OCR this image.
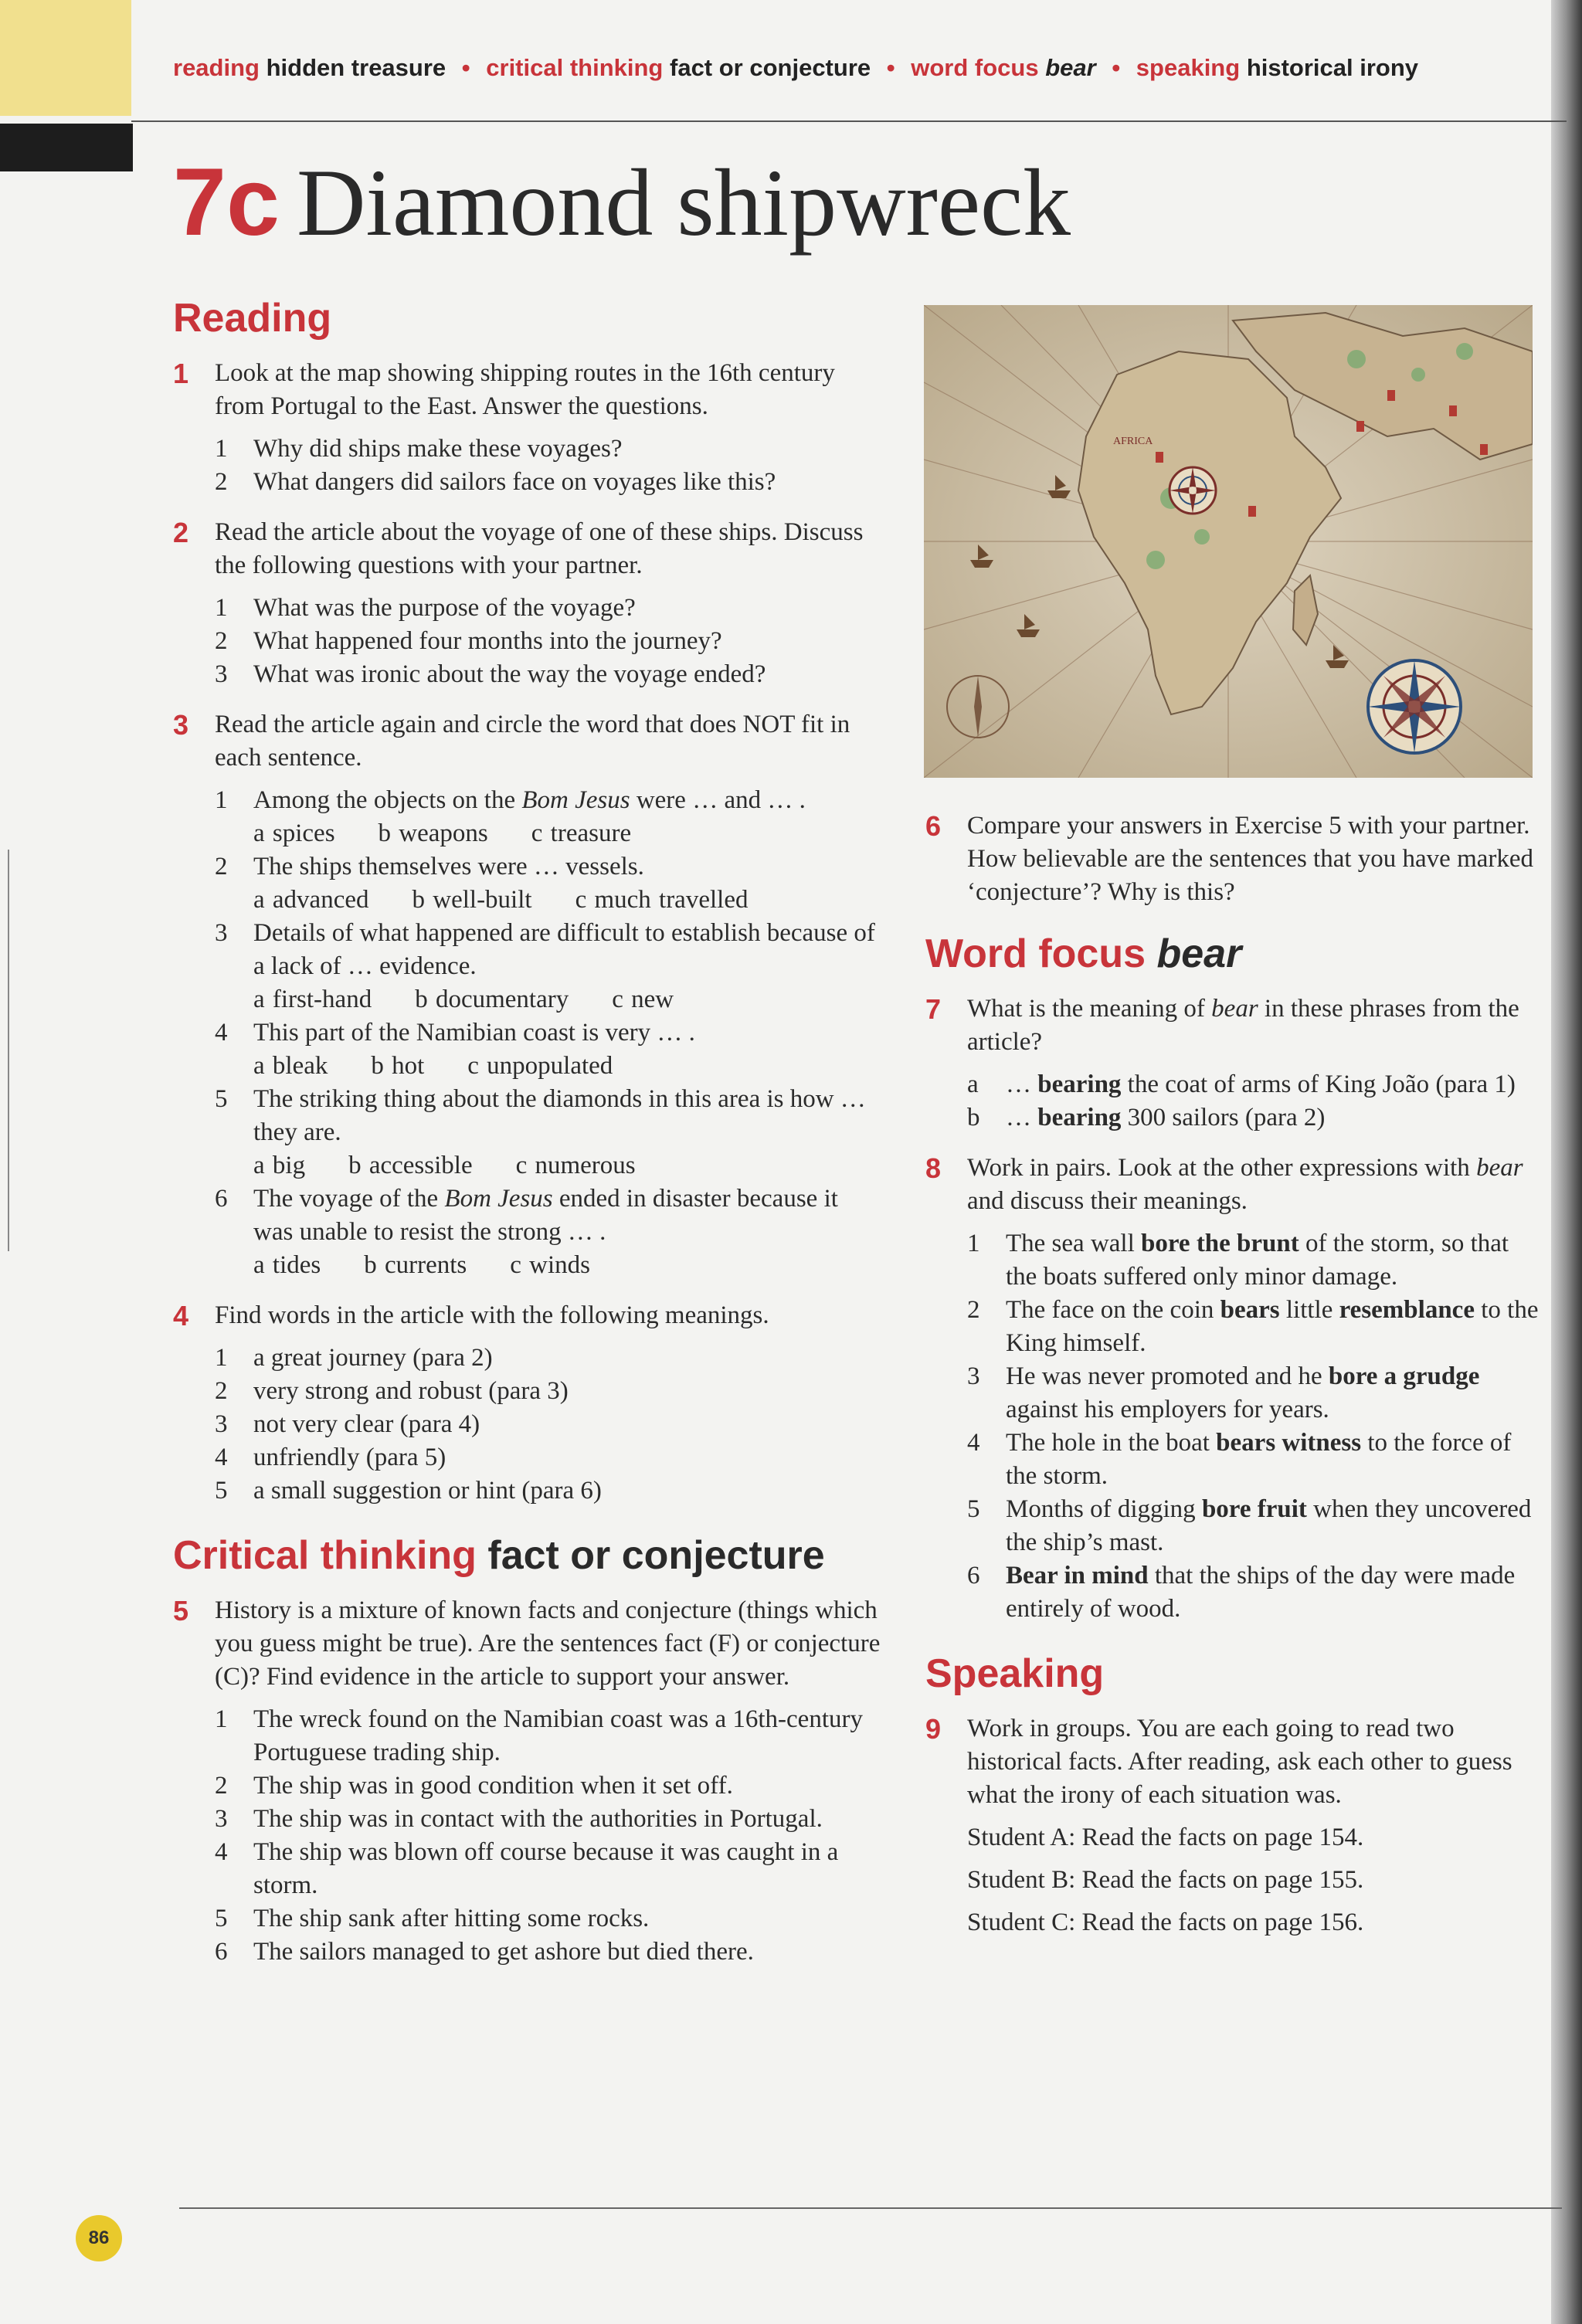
reading hidden treasure • critical thinking fact or conjecture • word focus bear • speaking historical irony
7c Diamond shipwreck
Reading
1 Look at the map showing shipping routes in the 16th century from Portugal to the East. Answer the questions.
1 Why did ships make these voyages?
2 What dangers did sailors face on voyages like this?
2 Read the article about the voyage of one of these ships. Discuss the following questions with your partner.
1 What was the purpose of the voyage?
2 What happened four months into the journey?
3 What was ironic about the way the voyage ended?
3 Read the article again and circle the word that does NOT fit in each sentence.
1 Among the objects on the Bom Jesus were … and … .
a spices b weapons c treasure
2 The ships themselves were … vessels.
a advanced b well-built c much travelled
3 Details of what happened are difficult to establish because of a lack of … evidence.
a first-hand b documentary c new
4 This part of the Namibian coast is very … .
a bleak b hot c unpopulated
5 The striking thing about the diamonds in this area is how … they are.
a big b accessible c numerous
6 The voyage of the Bom Jesus ended in disaster because it was unable to resist the strong … .
a tides b currents c winds
4 Find words in the article with the following meanings.
1 a great journey (para 2)
2 very strong and robust (para 3)
3 not very clear (para 4)
4 unfriendly (para 5)
5 a small suggestion or hint (para 6)
Critical thinking fact or conjecture
5 History is a mixture of known facts and conjecture (things which you guess might be true). Are the sentences fact (F) or conjecture (C)? Find evidence in the article to support your answer.
1 The wreck found on the Namibian coast was a 16th-century Portuguese trading ship.
2 The ship was in good condition when it set off.
3 The ship was in contact with the authorities in Portugal.
4 The ship was blown off course because it was caught in a storm.
5 The ship sank after hitting some rocks.
6 The sailors managed to get ashore but died there.
AFRICA
6 Compare your answers in Exercise 5 with your partner. How believable are the sentences that you have marked ‘conjecture’? Why is this?
Word focus bear
7 What is the meaning of bear in these phrases from the article?
a … bearing the coat of arms of King João (para 1)
b … bearing 300 sailors (para 2)
8 Work in pairs. Look at the other expressions with bear and discuss their meanings.
1 The sea wall bore the brunt of the storm, so that the boats suffered only minor damage.
2 The face on the coin bears little resemblance to the King himself.
3 He was never promoted and he bore a grudge against his employers for years.
4 The hole in the boat bears witness to the force of the storm.
5 Months of digging bore fruit when they uncovered the ship’s mast.
6 Bear in mind that the ships of the day were made entirely of wood.
Speaking
9 Work in groups. You are each going to read two historical facts. After reading, ask each other to guess what the irony of each situation was.
Student A: Read the facts on page 154.
Student B: Read the facts on page 155.
Student C: Read the facts on page 156.
86
